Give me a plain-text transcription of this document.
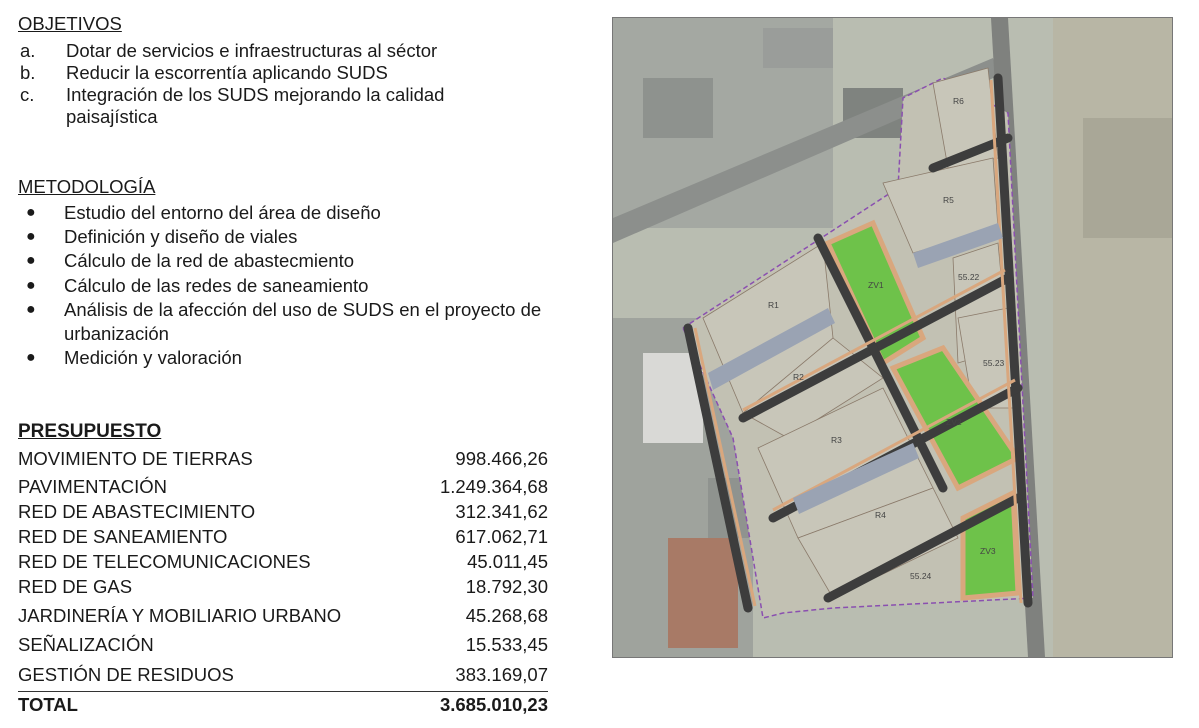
OBJETIVOS
a.	Dotar de servicios e infraestructuras al séctor
b.	Reducir la escorrentía aplicando SUDS
c.	Integración de los SUDS mejorando la calidad paisajística
METODOLOGÍA
●	Estudio del entorno del área de diseño
●	Definición y diseño de viales
●	Cálculo de la red de abastecmiento
●	Cálculo de las redes de saneamiento
●	Análisis de la afección del uso de SUDS en el proyecto de urbanización
●	Medición y valoración
PRESUPUESTO
MOVIMIENTO DE TIERRAS	998.466,26
PAVIMENTACIÓN	1.249.364,68
RED DE ABASTECIMIENTO	312.341,62
RED DE SANEAMIENTO	617.062,71
RED DE TELECOMUNICACIONES	45.011,45
RED DE GAS	18.792,30
JARDINERÍA Y MOBILIARIO URBANO	45.268,68
SEÑALIZACIÓN	15.533,45
GESTIÓN DE RESIDUOS	383.169,07
TOTAL	3.685.010,23
R6
R5
R1
R2
R3
R4
ZV1
ZV2
ZV3
55.22
55.23
55.24
